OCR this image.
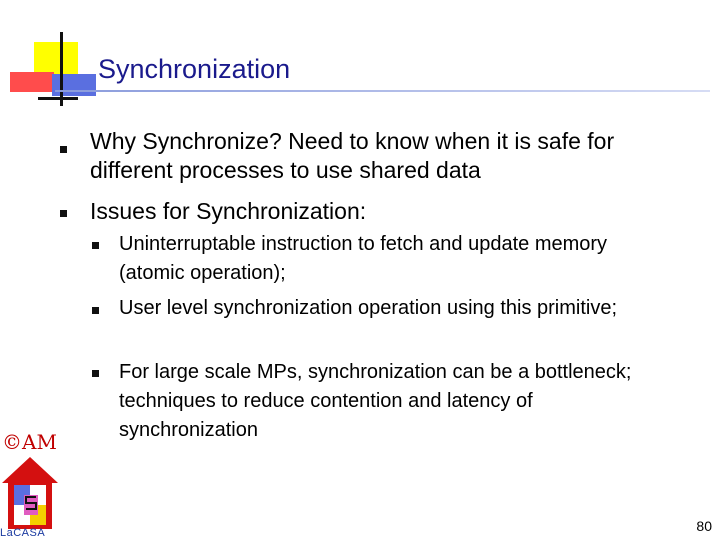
Synchronization
Why Synchronize? Need to know when it is safe for different processes to use shared data
Issues for Synchronization:
Uninterruptable instruction to fetch and update memory (atomic operation);
User level synchronization operation using this primitive;
For large scale MPs, synchronization can be a bottleneck; techniques to reduce contention and latency of synchronization
©AM
LaCASA	80
